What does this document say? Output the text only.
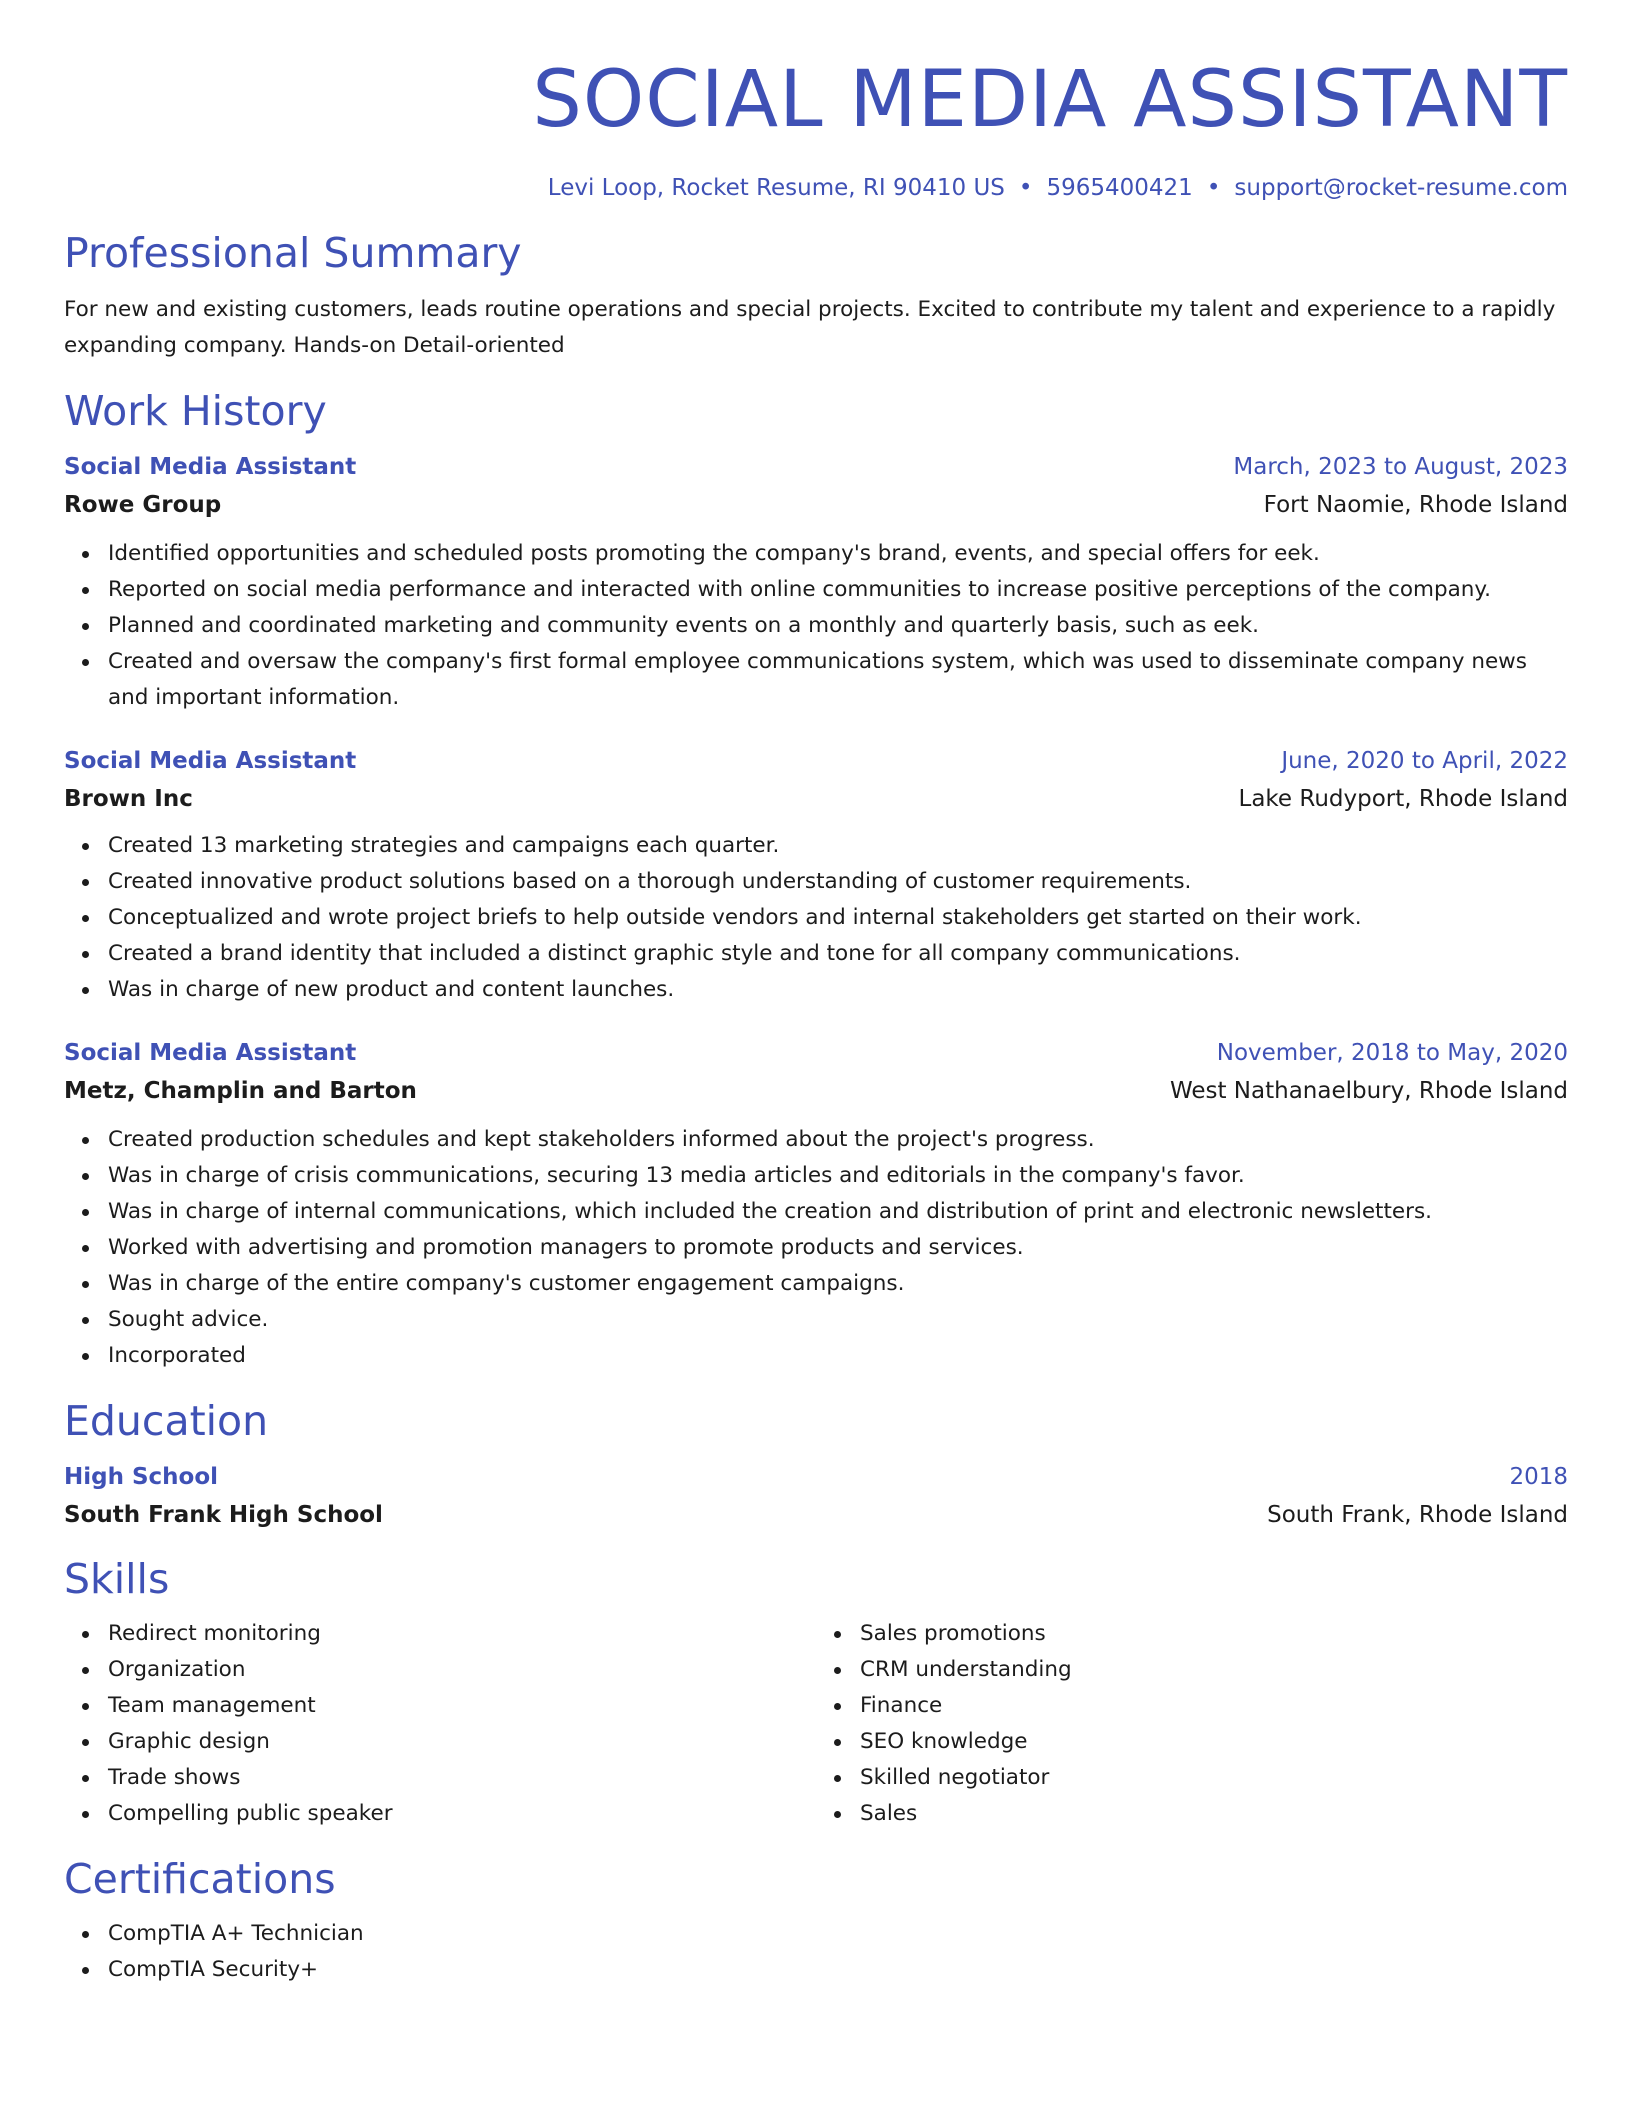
SOCIAL MEDIA ASSISTANT
Levi Loop, Rocket Resume, RI 90410 US • 5965400421 • support@rocket-resume.com
Professional Summary
For new and existing customers, leads routine operations and special projects. Excited to contribute my talent and experience to a rapidly expanding company. Hands-on Detail-oriented
Work History
Social Media Assistant	March, 2023 to August, 2023
Rowe Group	Fort Naomie, Rhode Island
Identified opportunities and scheduled posts promoting the company's brand, events, and special offers for eek.
Reported on social media performance and interacted with online communities to increase positive perceptions of the company.
Planned and coordinated marketing and community events on a monthly and quarterly basis, such as eek.
Created and oversaw the company's first formal employee communications system, which was used to disseminate company news and important information.
Social Media Assistant	June, 2020 to April, 2022
Brown Inc	Lake Rudyport, Rhode Island
Created 13 marketing strategies and campaigns each quarter.
Created innovative product solutions based on a thorough understanding of customer requirements.
Conceptualized and wrote project briefs to help outside vendors and internal stakeholders get started on their work.
Created a brand identity that included a distinct graphic style and tone for all company communications.
Was in charge of new product and content launches.
Social Media Assistant	November, 2018 to May, 2020
Metz, Champlin and Barton	West Nathanaelbury, Rhode Island
Created production schedules and kept stakeholders informed about the project's progress.
Was in charge of crisis communications, securing 13 media articles and editorials in the company's favor.
Was in charge of internal communications, which included the creation and distribution of print and electronic newsletters.
Worked with advertising and promotion managers to promote products and services.
Was in charge of the entire company's customer engagement campaigns.
Sought advice.
Incorporated
Education
High School	2018
South Frank High School	South Frank, Rhode Island
Skills
Redirect monitoring
Organization
Team management
Graphic design
Trade shows
Compelling public speaker
Sales promotions
CRM understanding
Finance
SEO knowledge
Skilled negotiator
Sales
Certifications
CompTIA A+ Technician
CompTIA Security+
